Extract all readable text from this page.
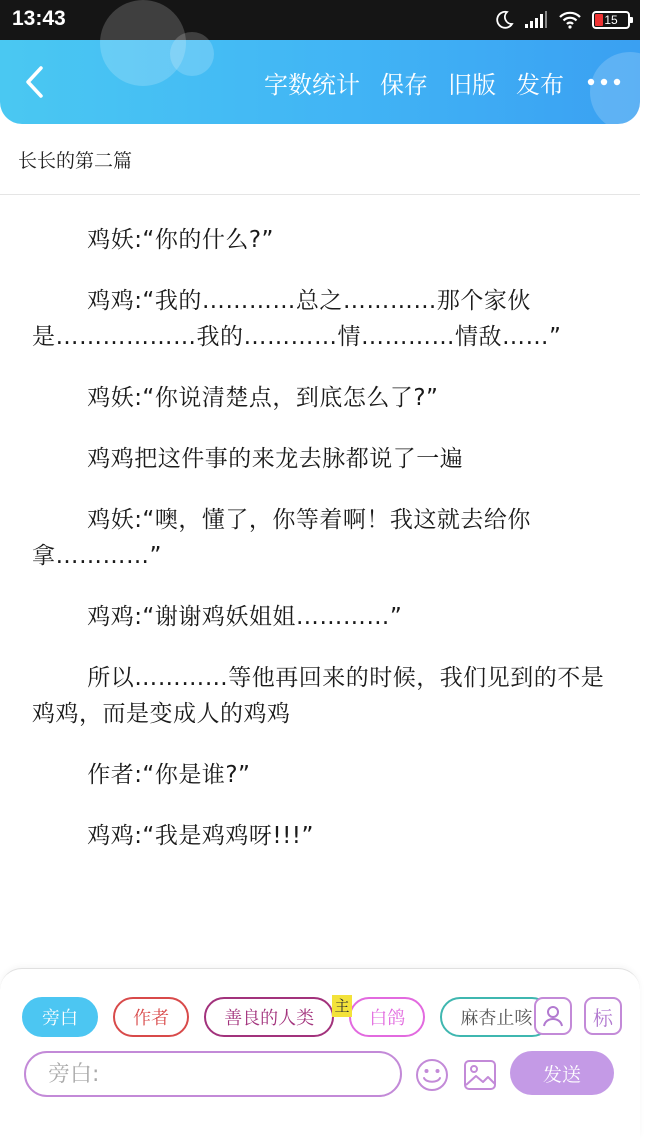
13:43	15
字数统计 保存 旧版 发布
长长的第二篇

鸡妖:“你的什么?”

鸡鸡:“我的…………总之…………那个家伙是………………我的…………情…………情敌……”

鸡妖:“你说清楚点，到底怎么了?”

鸡鸡把这件事的来龙去脉都说了一遍

鸡妖:“噢，懂了，你等着啊！我这就去给你拿…………”

鸡鸡:“谢谢鸡妖姐姐…………”

所以…………等他再回来的时候，我们见到的不是鸡鸡，而是变成人的鸡鸡

作者:“你是谁?”

鸡鸡:“我是鸡鸡呀!!!”

旁白	作者	善良的人类	白鸽	麻杏止咳
主	标
旁白:
发送
